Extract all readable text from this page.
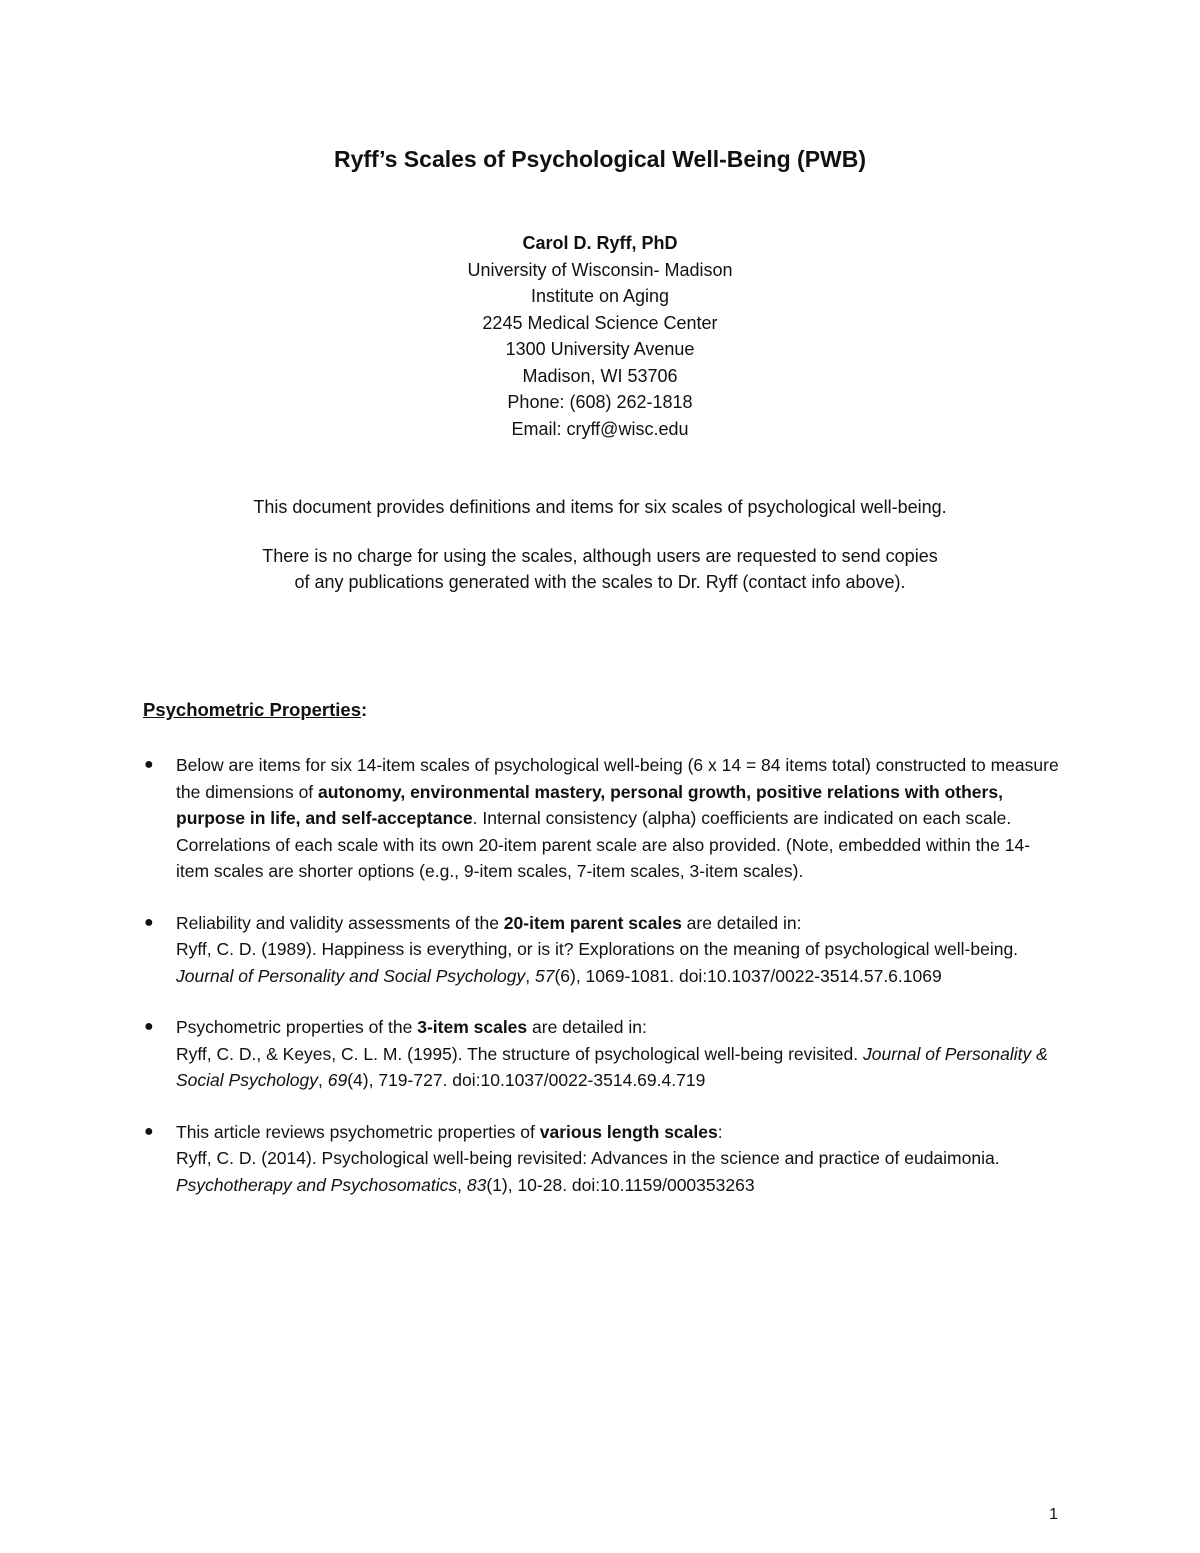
Ryff’s Scales of Psychological Well-Being (PWB)
Carol D. Ryff, PhD
University of Wisconsin- Madison
Institute on Aging
2245 Medical Science Center
1300 University Avenue
Madison, WI 53706
Phone: (608) 262-1818
Email: cryff@wisc.edu

This document provides definitions and items for six scales of psychological well-being.

There is no charge for using the scales, although users are requested to send copies
of any publications generated with the scales to Dr. Ryff (contact info above).

Psychometric Properties:
● Below are items for six 14-item scales of psychological well-being (6 x 14 = 84 items total) constructed to measure the dimensions of autonomy, environmental mastery, personal growth, positive relations with others, purpose in life, and self-acceptance. Internal consistency (alpha) coefficients are indicated on each scale. Correlations of each scale with its own 20-item parent scale are also provided. (Note, embedded within the 14-item scales are shorter options (e.g., 9-item scales, 7-item scales, 3-item scales).
● Reliability and validity assessments of the 20-item parent scales are detailed in:
Ryff, C. D. (1989). Happiness is everything, or is it? Explorations on the meaning of psychological well-being. Journal of Personality and Social Psychology, 57(6), 1069-1081. doi:10.1037/0022-3514.57.6.1069
● Psychometric properties of the 3-item scales are detailed in:
Ryff, C. D., & Keyes, C. L. M. (1995). The structure of psychological well-being revisited. Journal of Personality & Social Psychology, 69(4), 719-727. doi:10.1037/0022-3514.69.4.719
● This article reviews psychometric properties of various length scales:
Ryff, C. D. (2014). Psychological well-being revisited: Advances in the science and practice of eudaimonia. Psychotherapy and Psychosomatics, 83(1), 10-28. doi:10.1159/000353263
1
